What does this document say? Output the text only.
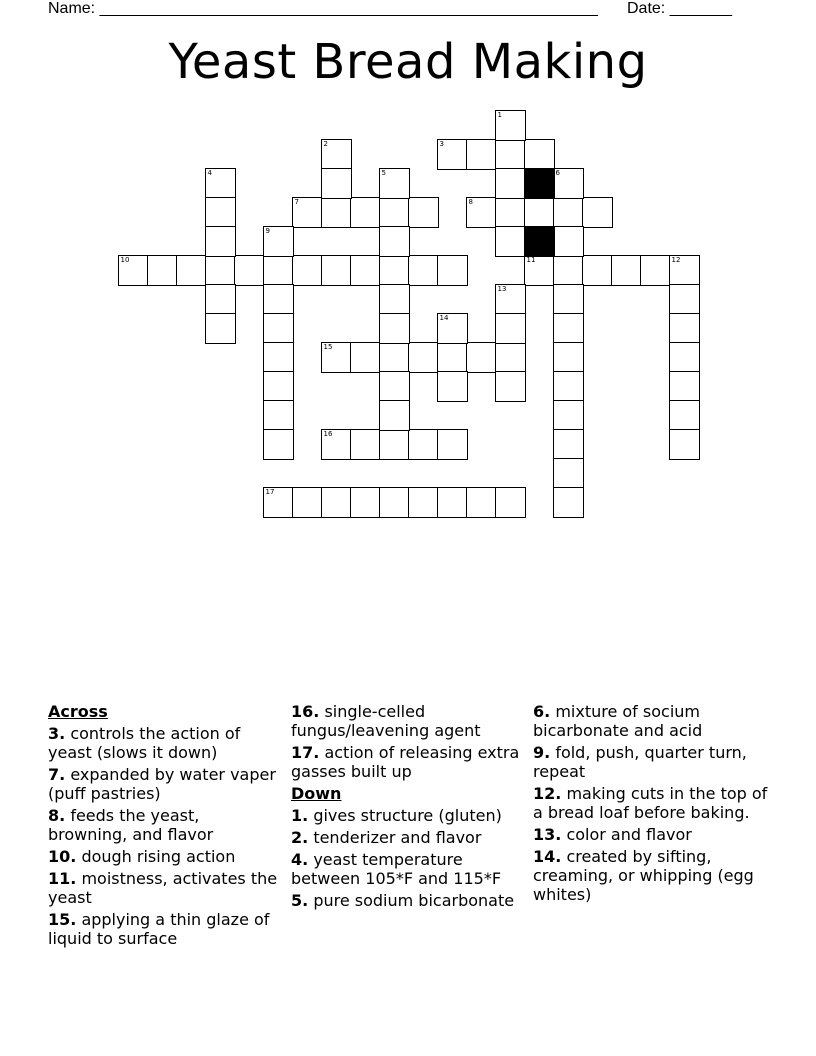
Name: ________________________________________________________ Date: _______
Yeast Bread Making
3
7	8
10	11	12
15
16
17
1
2
4	5	6
9
13
14
Across
3. controls the action of yeast (slows it down)
7. expanded by water vaper (puff pastries)
8. feeds the yeast, browning, and flavor
10. dough rising action
11. moistness, activates the yeast
15. applying a thin glaze of liquid to surface
16. single-celled fungus/leavening agent
17. action of releasing extra gasses built up
Down
1. gives structure (gluten)
2. tenderizer and flavor
4. yeast temperature between 105*F and 115*F
5. pure sodium bicarbonate
6. mixture of socium bicarbonate and acid
9. fold, push, quarter turn, repeat
12. making cuts in the top of a bread loaf before baking.
13. color and flavor
14. created by sifting, creaming, or whipping (egg whites)
